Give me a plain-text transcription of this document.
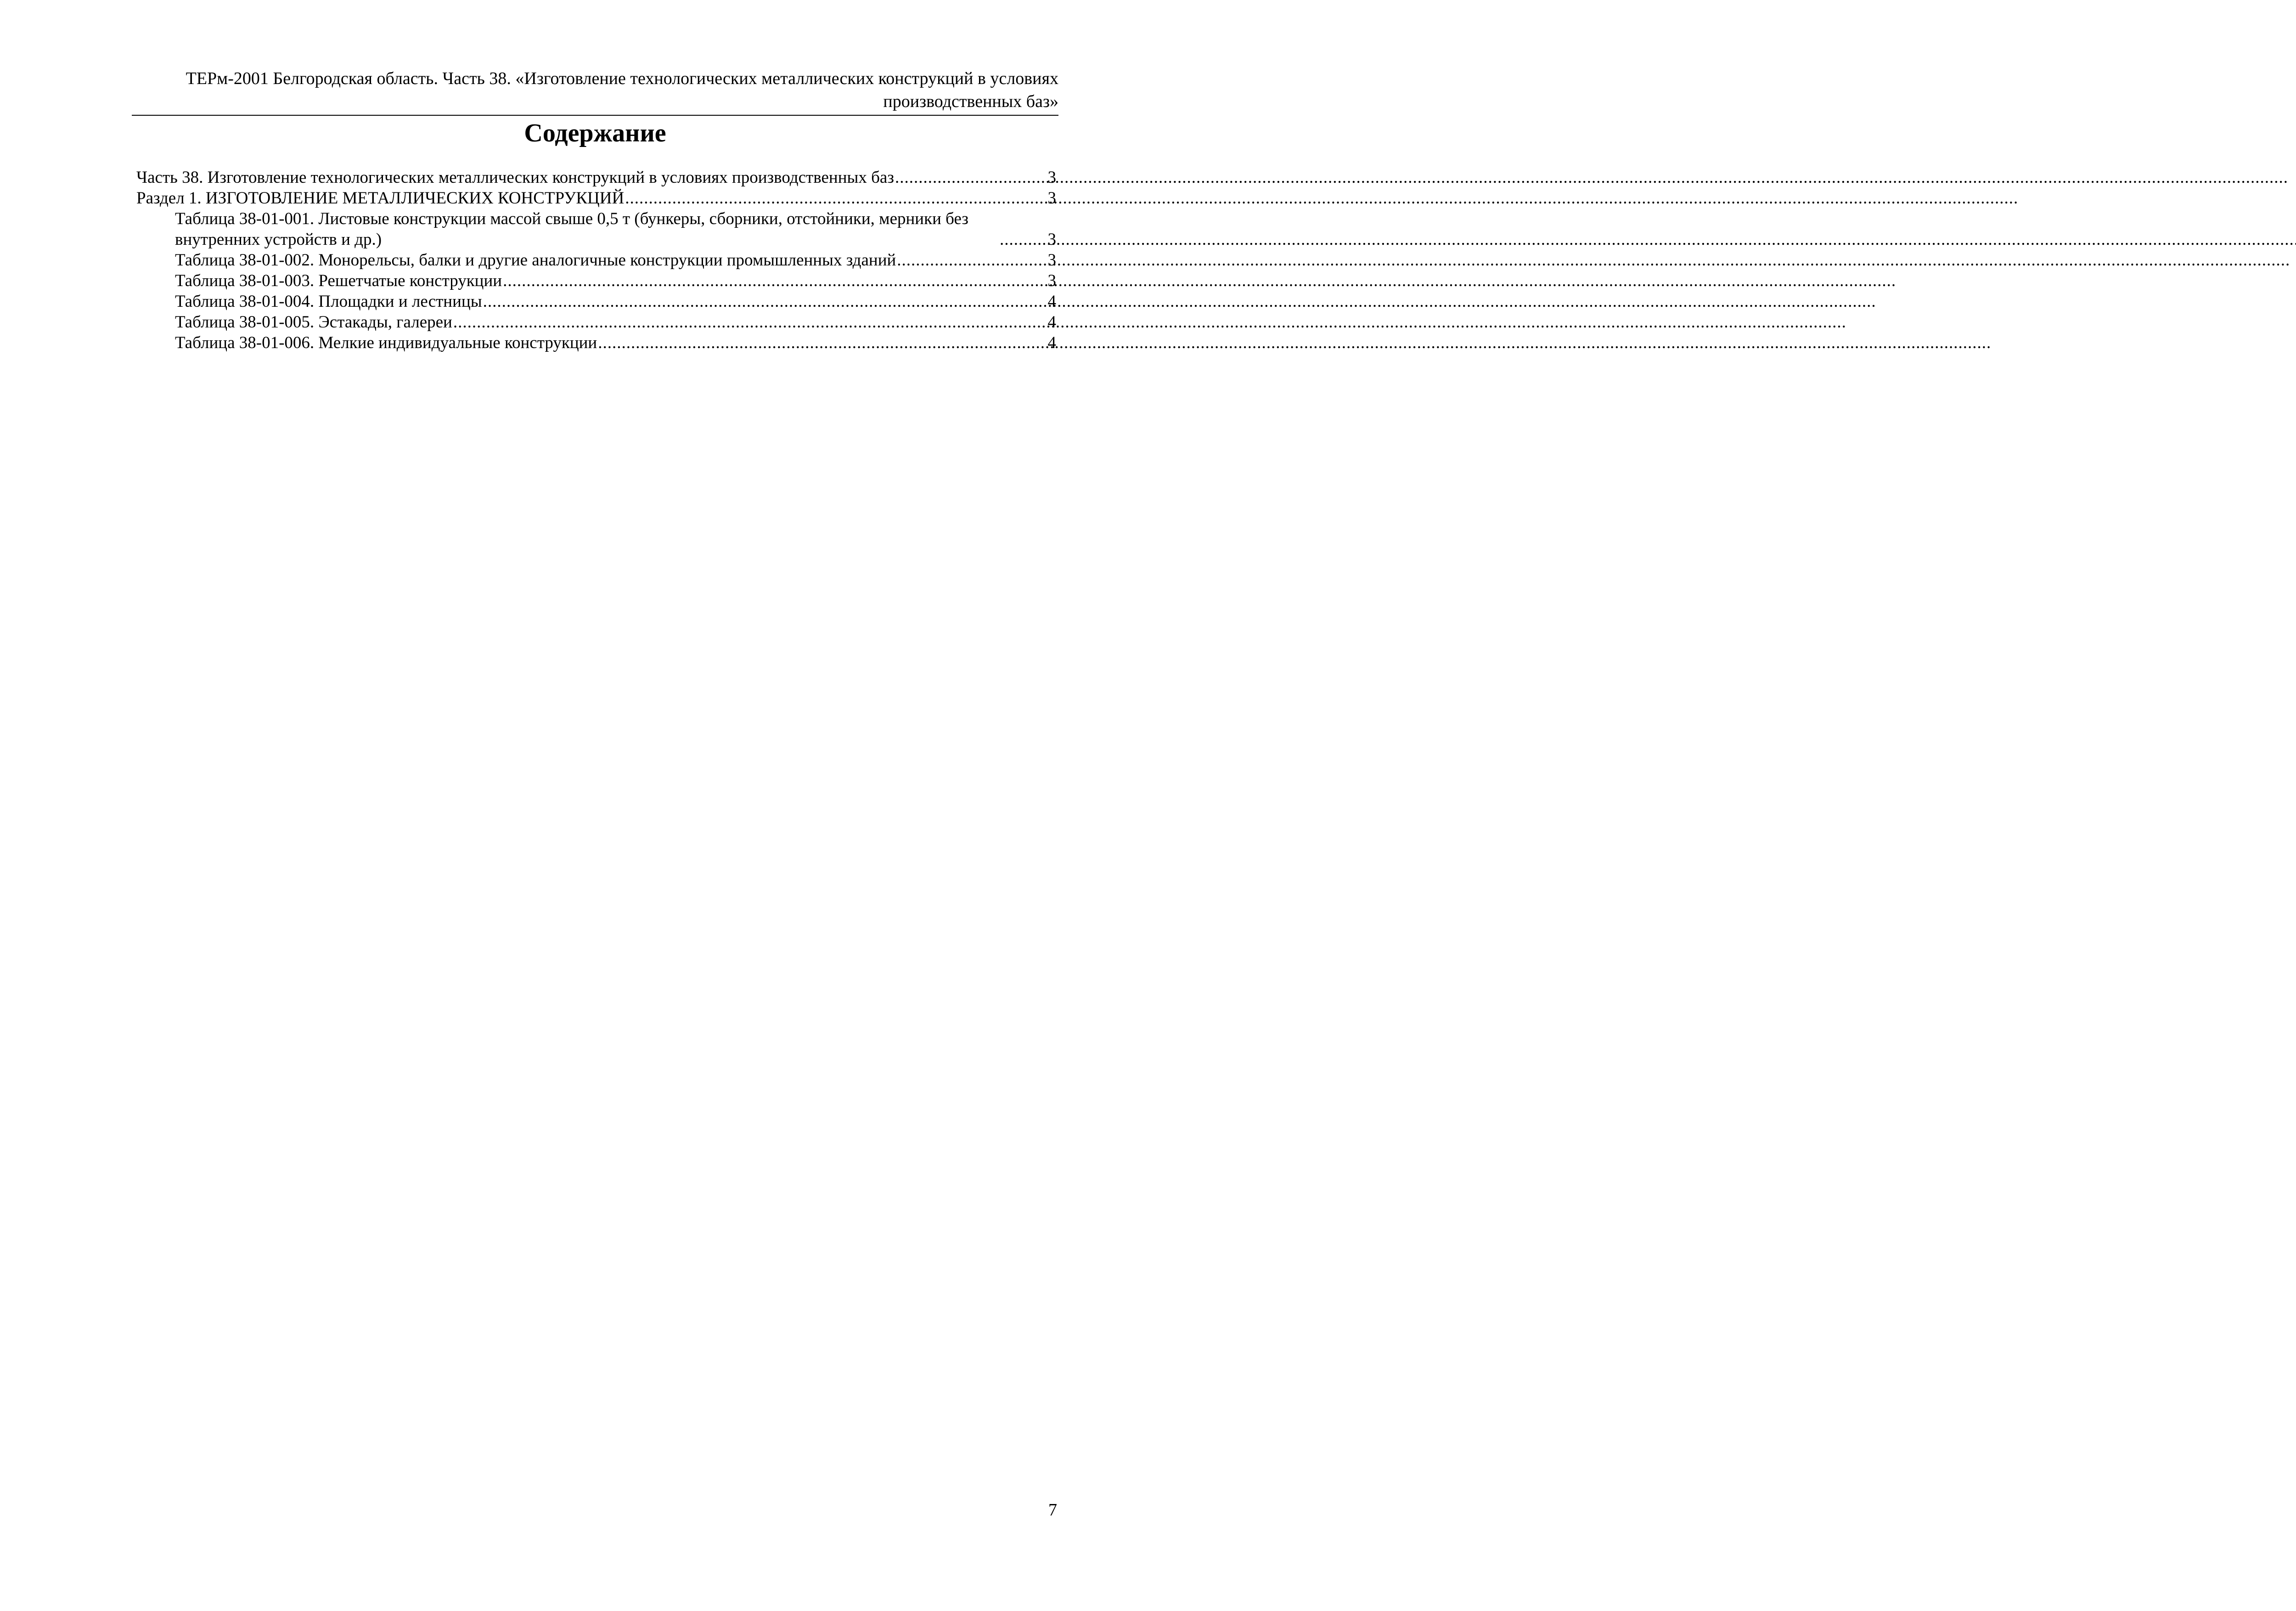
ТЕРм-2001 Белгородская область. Часть 38. «Изготовление технологических металлических конструкций в условиях производственных баз»
Содержание
Часть 38. Изготовление технологических металлических конструкций в условиях производственных баз .....	3
Раздел 1. ИЗГОТОВЛЕНИЕ МЕТАЛЛИЧЕСКИХ КОНСТРУКЦИЙ .....	3
Таблица 38-01-001. Листовые конструкции массой свыше 0,5 т (бункеры, сборники, отстойники, мерники без внутренних устройств и др.) .....	3
Таблица 38-01-002. Монорельсы, балки и другие аналогичные конструкции промышленных зданий .....	3
Таблица 38-01-003. Решетчатые конструкции .....	3
Таблица 38-01-004. Площадки и лестницы .....	4
Таблица 38-01-005. Эстакады, галереи .....	4
Таблица 38-01-006. Мелкие индивидуальные конструкции .....	4
7
